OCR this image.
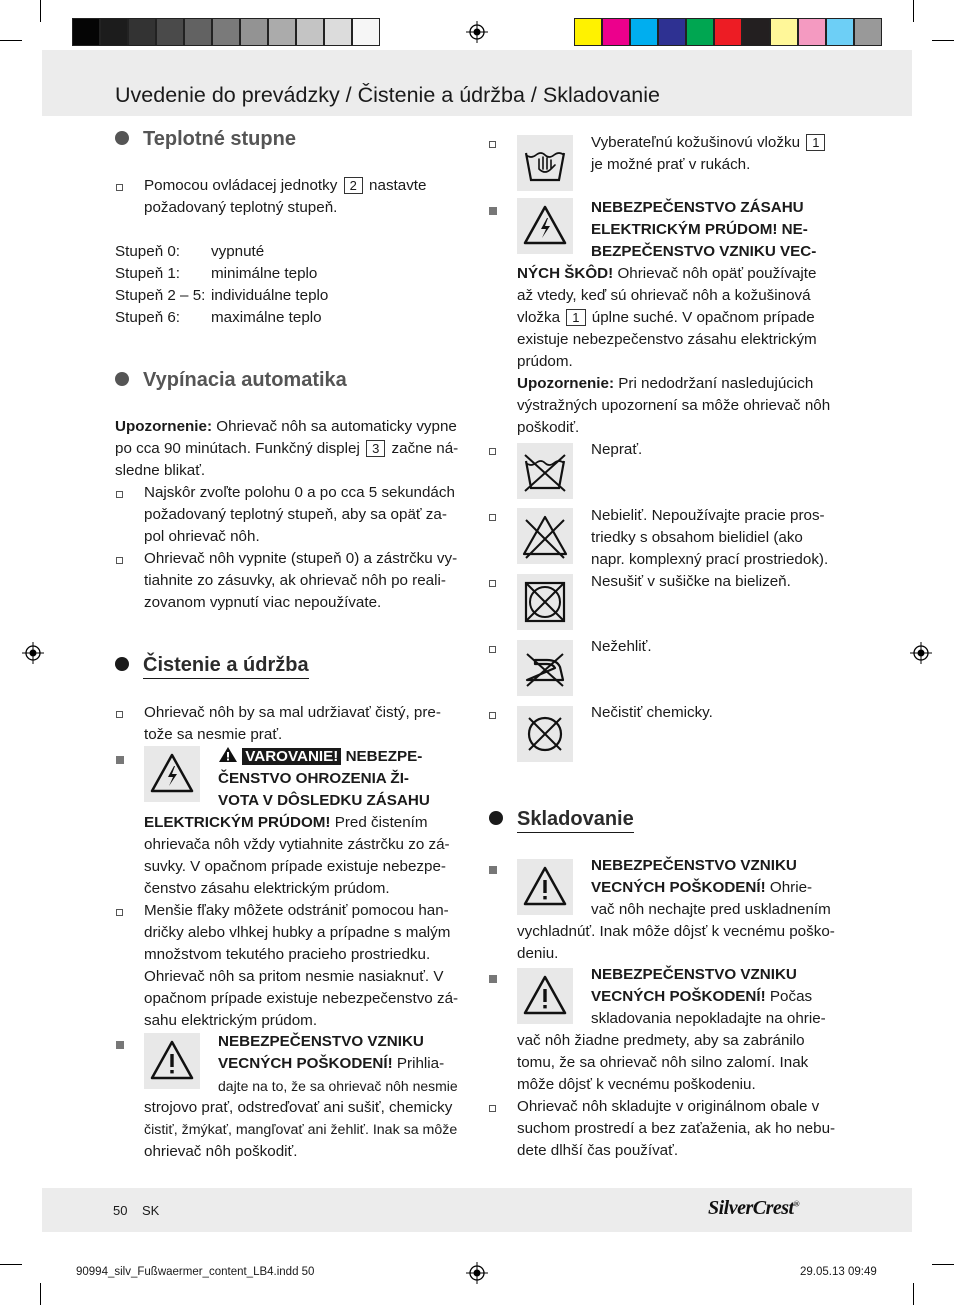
Uvedenie do prevádzky / Čistenie a údržba / Skladovanie
Teplotné stupne
Pomocou ovládacej jednotky 2 nastavte
požadovaný teplotný stupeň.
Stupeň 0: vypnuté
Stupeň 1: minimálne teplo
Stupeň 2 – 5: individuálne teplo
Stupeň 6: maximálne teplo
Vypínacia automatika
Upozornenie: Ohrievač nôh sa automaticky vypne
po cca 90 minútach. Funkčný displej 3 začne ná-
sledne blikať.
Najskôr zvoľte polohu 0 a po cca 5 sekundách
požadovaný teplotný stupeň, aby sa opäť za-
pol ohrievač nôh.
Ohrievač nôh vypnite (stupeň 0) a zástrčku vy-
tiahnite zo zásuvky, ak ohrievač nôh po reali-
zovanom vypnutí viac nepoužívate.
Čistenie a údržba
Ohrievač nôh by sa mal udržiavať čistý, pre-
tože sa nesmie prať.
VAROVANIE! NEBEZPE-
ČENSTVO OHROZENIA ŽI-
VOTA V DÔSLEDKU ZÁSAHU
ELEKTRICKÝM PRÚDOM! Pred čistením
ohrievača nôh vždy vytiahnite zástrčku zo zá-
suvky. V opačnom prípade existuje nebezpe-
čenstvo zásahu elektrickým prúdom.
Menšie fľaky môžete odstrániť pomocou han-
dričky alebo vlhkej hubky a prípadne s malým
množstvom tekutého pracieho prostriedku.
Ohrievač nôh sa pritom nesmie nasiaknuť. V
opačnom prípade existuje nebezpečenstvo zá-
sahu elektrickým prúdom.
NEBEZPEČENSTVO VZNIKU
VECNÝCH POŠKODENÍ! Prihlia-
dajte na to, že sa ohrievač nôh nesmie
strojovo prať, odstreďovať ani sušiť, chemicky
čistiť, žmýkať, mangľovať ani žehliť. Inak sa môže
ohrievač nôh poškodiť.
Vyberateľnú kožušinovú vložku 1
je možné prať v rukách.
NEBEZPEČENSTVO ZÁSAHU
ELEKTRICKÝM PRÚDOM! NE-
BEZPEČENSTVO VZNIKU VEC-
NÝCH ŠKÔD! Ohrievač nôh opäť používajte
až vtedy, keď sú ohrievač nôh a kožušinová
vložka 1 úplne suché. V opačnom prípade
existuje nebezpečenstvo zásahu elektrickým
prúdom.
Upozornenie: Pri nedodržaní nasledujúcich
výstražných upozornení sa môže ohrievač nôh
poškodiť.
Neprať.
Nebieliť. Nepoužívajte pracie pros-
triedky s obsahom bielidiel (ako
napr. komplexný prací prostriedok).
Nesušiť v sušičke na bielizeň.
Nežehliť.
Nečistiť chemicky.
Skladovanie
NEBEZPEČENSTVO VZNIKU
VECNÝCH POŠKODENÍ! Ohrie-
vač nôh nechajte pred uskladnením
vychladnúť. Inak môže dôjsť k vecnému poško-
deniu.
NEBEZPEČENSTVO VZNIKU
VECNÝCH POŠKODENÍ! Počas
skladovania nepokladajte na ohrie-
vač nôh žiadne predmety, aby sa zabránilo
tomu, že sa ohrievač nôh silno zalomí. Inak
môže dôjsť k vecnému poškodeniu.
Ohrievač nôh skladujte v originálnom obale v
suchom prostredí a bez zaťaženia, ak ho nebu-
dete dlhší čas používať.
50 SK	SilverCrest®
90994_silv_Fußwaermer_content_LB4.indd 50	29.05.13 09:49
